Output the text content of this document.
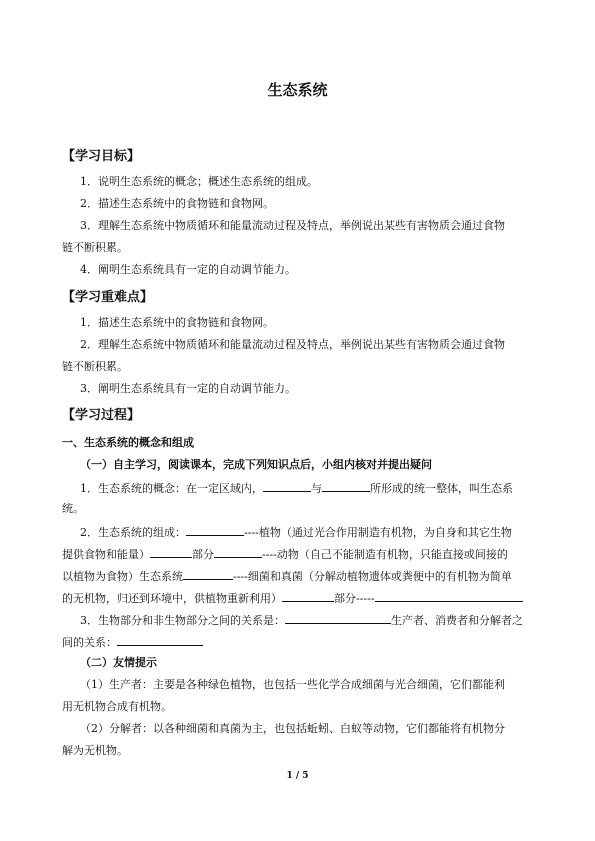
生态系统
【学习目标】
1．说明生态系统的概念；概述生态系统的组成。
2．描述生态系统中的食物链和食物网。
3．理解生态系统中物质循环和能量流动过程及特点，举例说出某些有害物质会通过食物
链不断积累。
4．阐明生态系统具有一定的自动调节能力。
【学习重难点】
1．描述生态系统中的食物链和食物网。
2．理解生态系统中物质循环和能量流动过程及特点，举例说出某些有害物质会通过食物
链不断积累。
3．阐明生态系统具有一定的自动调节能力。
【学习过程】
一、生态系统的概念和组成
（一）自主学习，阅读课本，完成下列知识点后，小组内核对并提出疑问
1．生态系统的概念：在一定区域内，	与	所形成的统一整体，叫生态系
统。
2．生态系统的组成：	----植物（通过光合作用制造有机物，为自身和其它生物
提供食物和能量）	部分	----动物（自己不能制造有机物，只能直接或间接的
以植物为食物）生态系统	----细菌和真菌（分解动植物遗体或粪便中的有机物为简单
的无机物，归还到环境中，供植物重新利用）	部分-----
3．生物部分和非生物部分之间的关系是：	生产者、消费者和分解者之
间的关系：
（二）友情提示
（1）生产者：主要是各种绿色植物，也包括一些化学合成细菌与光合细菌，它们都能利
用无机物合成有机物。
（2）分解者：以各种细菌和真菌为主，也包括蚯蚓、白蚁等动物，它们都能将有机物分
解为无机物。
1 / 5
